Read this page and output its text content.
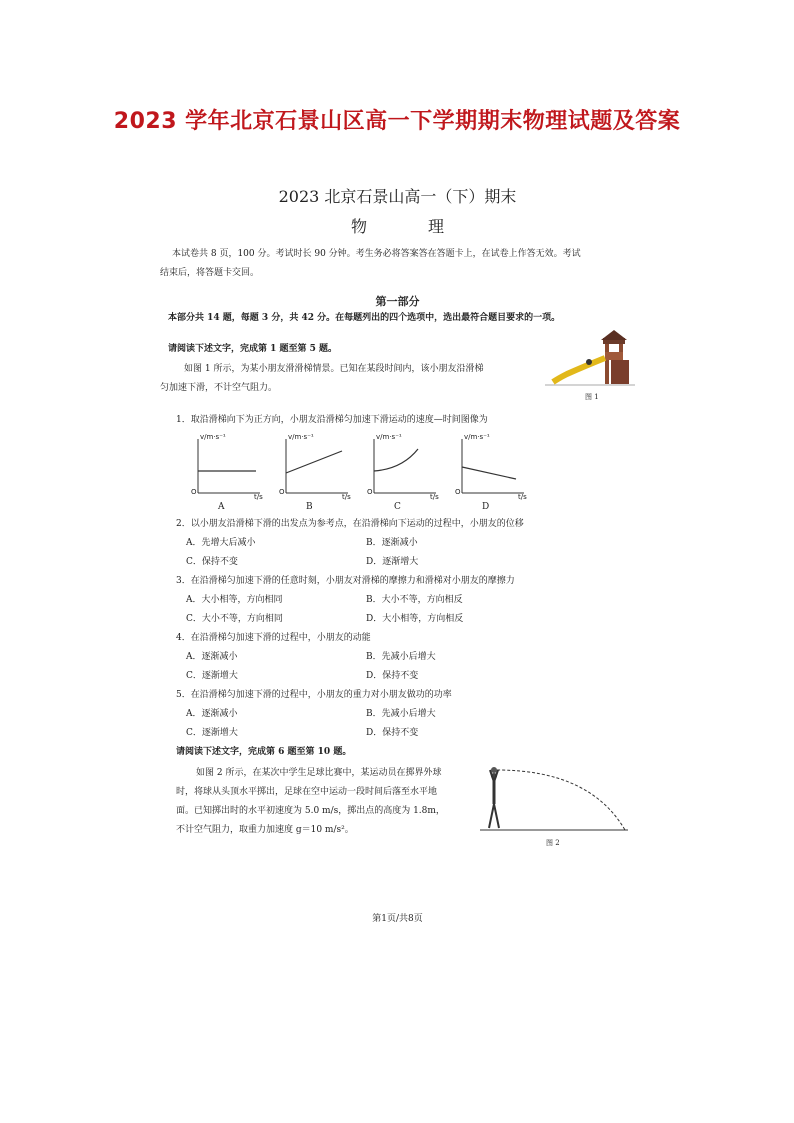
2023 学年北京石景山区高一下学期期末物理试题及答案
2023 北京石景山高一（下）期末
物 理
本试卷共 8 页，100 分。考试时长 90 分钟。考生务必将答案答在答题卡上，在试卷上作答无效。考试
结束后，将答题卡交回。
第一部分
本部分共 14 题，每题 3 分，共 42 分。在每题列出的四个选项中，选出最符合题目要求的一项。
请阅读下述文字，完成第 1 题至第 5 题。
如图 1 所示，为某小朋友滑滑梯情景。已知在某段时间内，该小朋友沿滑梯
匀加速下滑，不计空气阻力。
图 1
1．取沿滑梯向下为正方向，小朋友沿滑梯匀加速下滑运动的速度—时间图像为
v/m·s⁻¹
O
t/s
A
v/m·s⁻¹
O
t/s
B
v/m·s⁻¹
O
t/s
C
v/m·s⁻¹
O
t/s
D
2．以小朋友沿滑梯下滑的出发点为参考点，在沿滑梯向下运动的过程中，小朋友的位移
A．先增大后减小	B．逐渐减小
C．保持不变	D．逐渐增大
3．在沿滑梯匀加速下滑的任意时刻，小朋友对滑梯的摩擦力和滑梯对小朋友的摩擦力
A．大小相等，方向相同	B．大小不等，方向相反
C．大小不等，方向相同	D．大小相等，方向相反
4．在沿滑梯匀加速下滑的过程中，小朋友的动能
A．逐渐减小	B．先减小后增大
C．逐渐增大	D．保持不变
5．在沿滑梯匀加速下滑的过程中，小朋友的重力对小朋友做功的功率
A．逐渐减小	B．先减小后增大
C．逐渐增大	D．保持不变
请阅读下述文字，完成第 6 题至第 10 题。
如图 2 所示，在某次中学生足球比赛中，某运动员在掷界外球
时，将球从头顶水平掷出，足球在空中运动一段时间后落至水平地
面。已知掷出时的水平初速度为 5.0 m/s，掷出点的高度为 1.8m，
不计空气阻力，取重力加速度 g＝10 m/s²。
图 2
第1页/共8页
